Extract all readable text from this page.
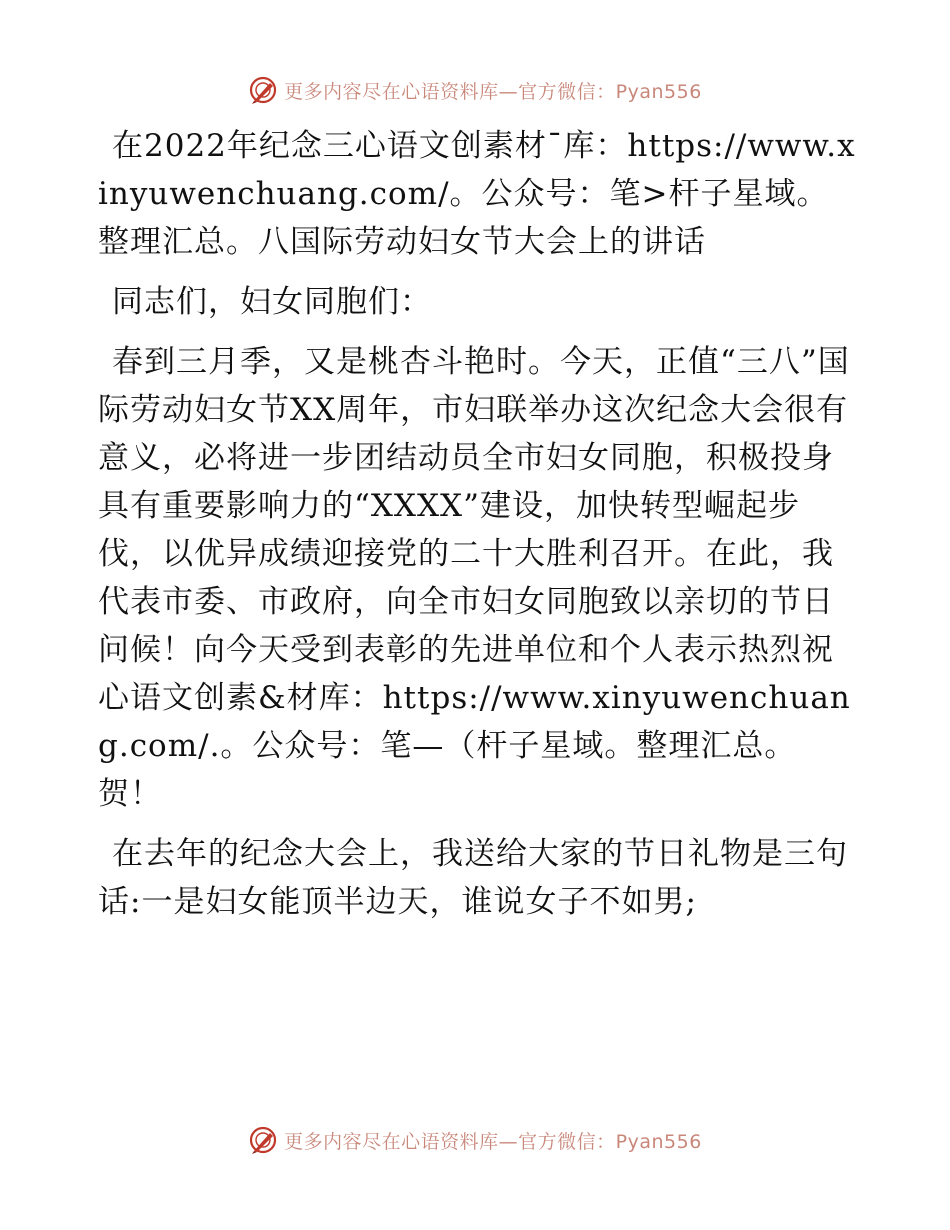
更多内容尽在心语资料库—官方微信：Pyan556

在2022年纪念三心语文创素材¯库：https://www.xinyuwenchuang.com/。公众号：笔>杆子星域。整理汇总。八国际劳动妇女节大会上的讲话

同志们，妇女同胞们：

春到三月季，又是桃杏斗艳时。今天，正值“三八”国际劳动妇女节XX周年，市妇联举办这次纪念大会很有意义，必将进一步团结动员全市妇女同胞，积极投身具有重要影响力的“XXXX”建设，加快转型崛起步伐，以优异成绩迎接党的二十大胜利召开。在此，我代表市委、市政府，向全市妇女同胞致以亲切的节日问候！向今天受到表彰的先进单位和个人表示热烈祝心语文创素&材库：https://www.xinyuwenchuang.com/.。公众号：笔—（杆子星域。整理汇总。贺！

在去年的纪念大会上，我送给大家的节日礼物是三句话:一是妇女能顶半边天，谁说女子不如男;

更多内容尽在心语资料库—官方微信：Pyan556
